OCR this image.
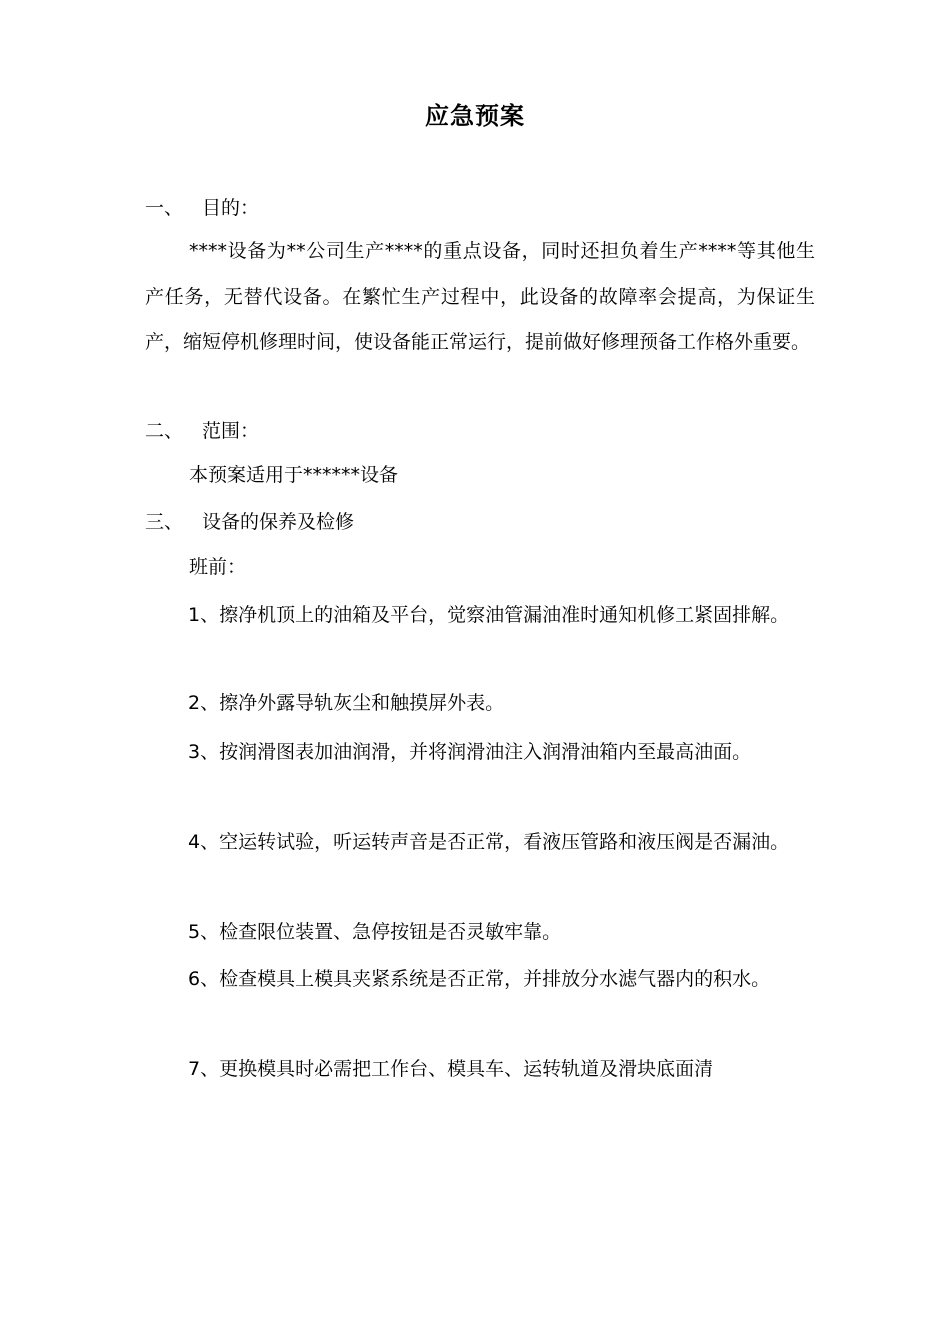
应急预案
一、 目的：

****设备为**公司生产****的重点设备，同时还担负着生产****等其他生产任务，无替代设备。在繁忙生产过程中，此设备的故障率会提高，为保证生产，缩短停机修理时间，使设备能正常运行，提前做好修理预备工作格外重要。

二、 范围：

本预案适用于******设备

三、 设备的保养及检修
班前：
1、擦净机顶上的油箱及平台，觉察油管漏油准时通知机修工紧固排解。
2、擦净外露导轨灰尘和触摸屏外表。
3、按润滑图表加油润滑，并将润滑油注入润滑油箱内至最高油面。
4、空运转试验，听运转声音是否正常，看液压管路和液压阀是否漏油。
5、检查限位装置、急停按钮是否灵敏牢靠。
6、检查模具上模具夹紧系统是否正常，并排放分水滤气器内的积水。
7、更换模具时必需把工作台、模具车、运转轨道及滑块底面清
